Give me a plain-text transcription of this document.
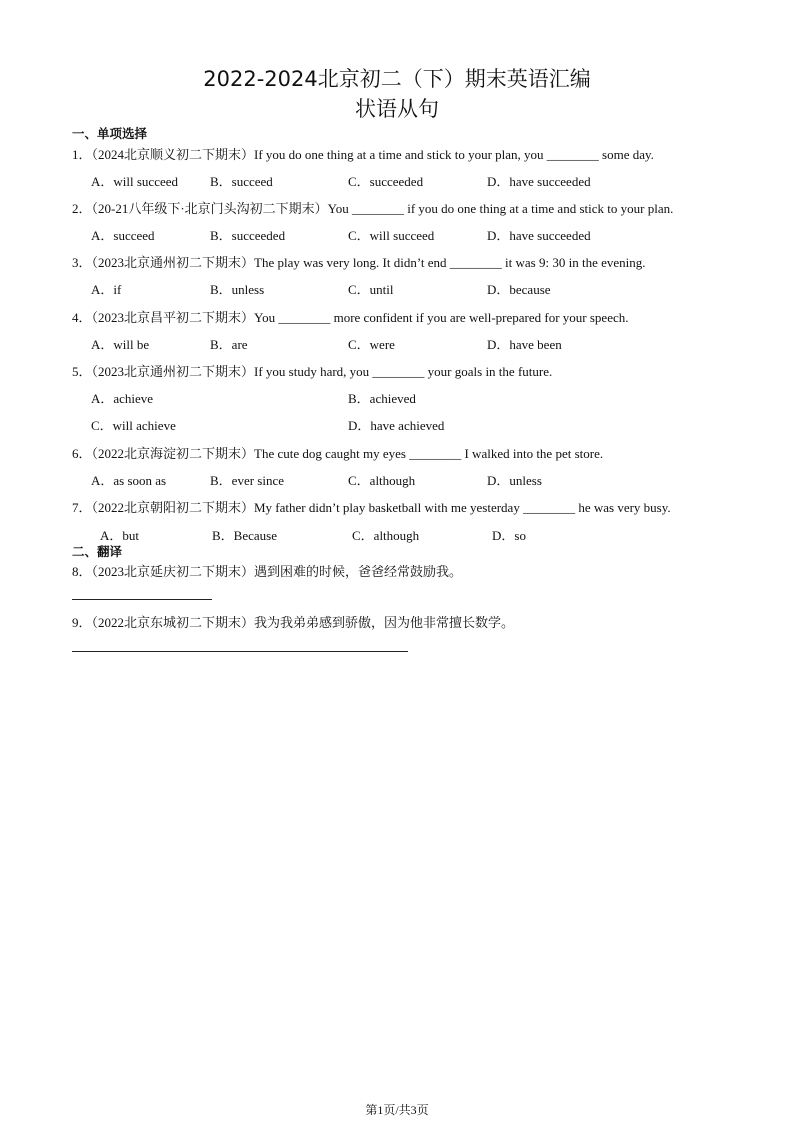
2022-2024北京初二（下）期末英语汇编
状语从句
一、单项选择
1．（2024北京顺义初二下期末）If you do one thing at a time and stick to your plan, you ________ some day.
A．will succeed B．succeed	C．succeeded	D．have succeeded
2．（20-21八年级下·北京门头沟初二下期末）You ________ if you do one thing at a time and stick to your plan.
A．succeed	B．succeeded	C．will succeed	D．have succeeded
3．（2023北京通州初二下期末）The play was very long. It didn’t end ________ it was 9: 30 in the evening.
A．if	B．unless	C．until	D．because
4．（2023北京昌平初二下期末）You ________ more confident if you are well-prepared for your speech.
A．will be	B．are	C．were	D．have been
5．（2023北京通州初二下期末）If you study hard, you ________ your goals in the future.
A．achieve	B．achieved
C．will achieve	D．have achieved
6．（2022北京海淀初二下期末）The cute dog caught my eyes ________ I walked into the pet store.
A．as soon as	B．ever since	C．although	D．unless
7．（2022北京朝阳初二下期末）My father didn’t play basketball with me yesterday ________ he was very busy.
A．but	B．Because	C．although	D．so
二、翻译
8．（2023北京延庆初二下期末）遇到困难的时候，爸爸经常鼓励我。
9．（2022北京东城初二下期末）我为我弟弟感到骄傲，因为他非常擅长数学。
第1页/共3页
